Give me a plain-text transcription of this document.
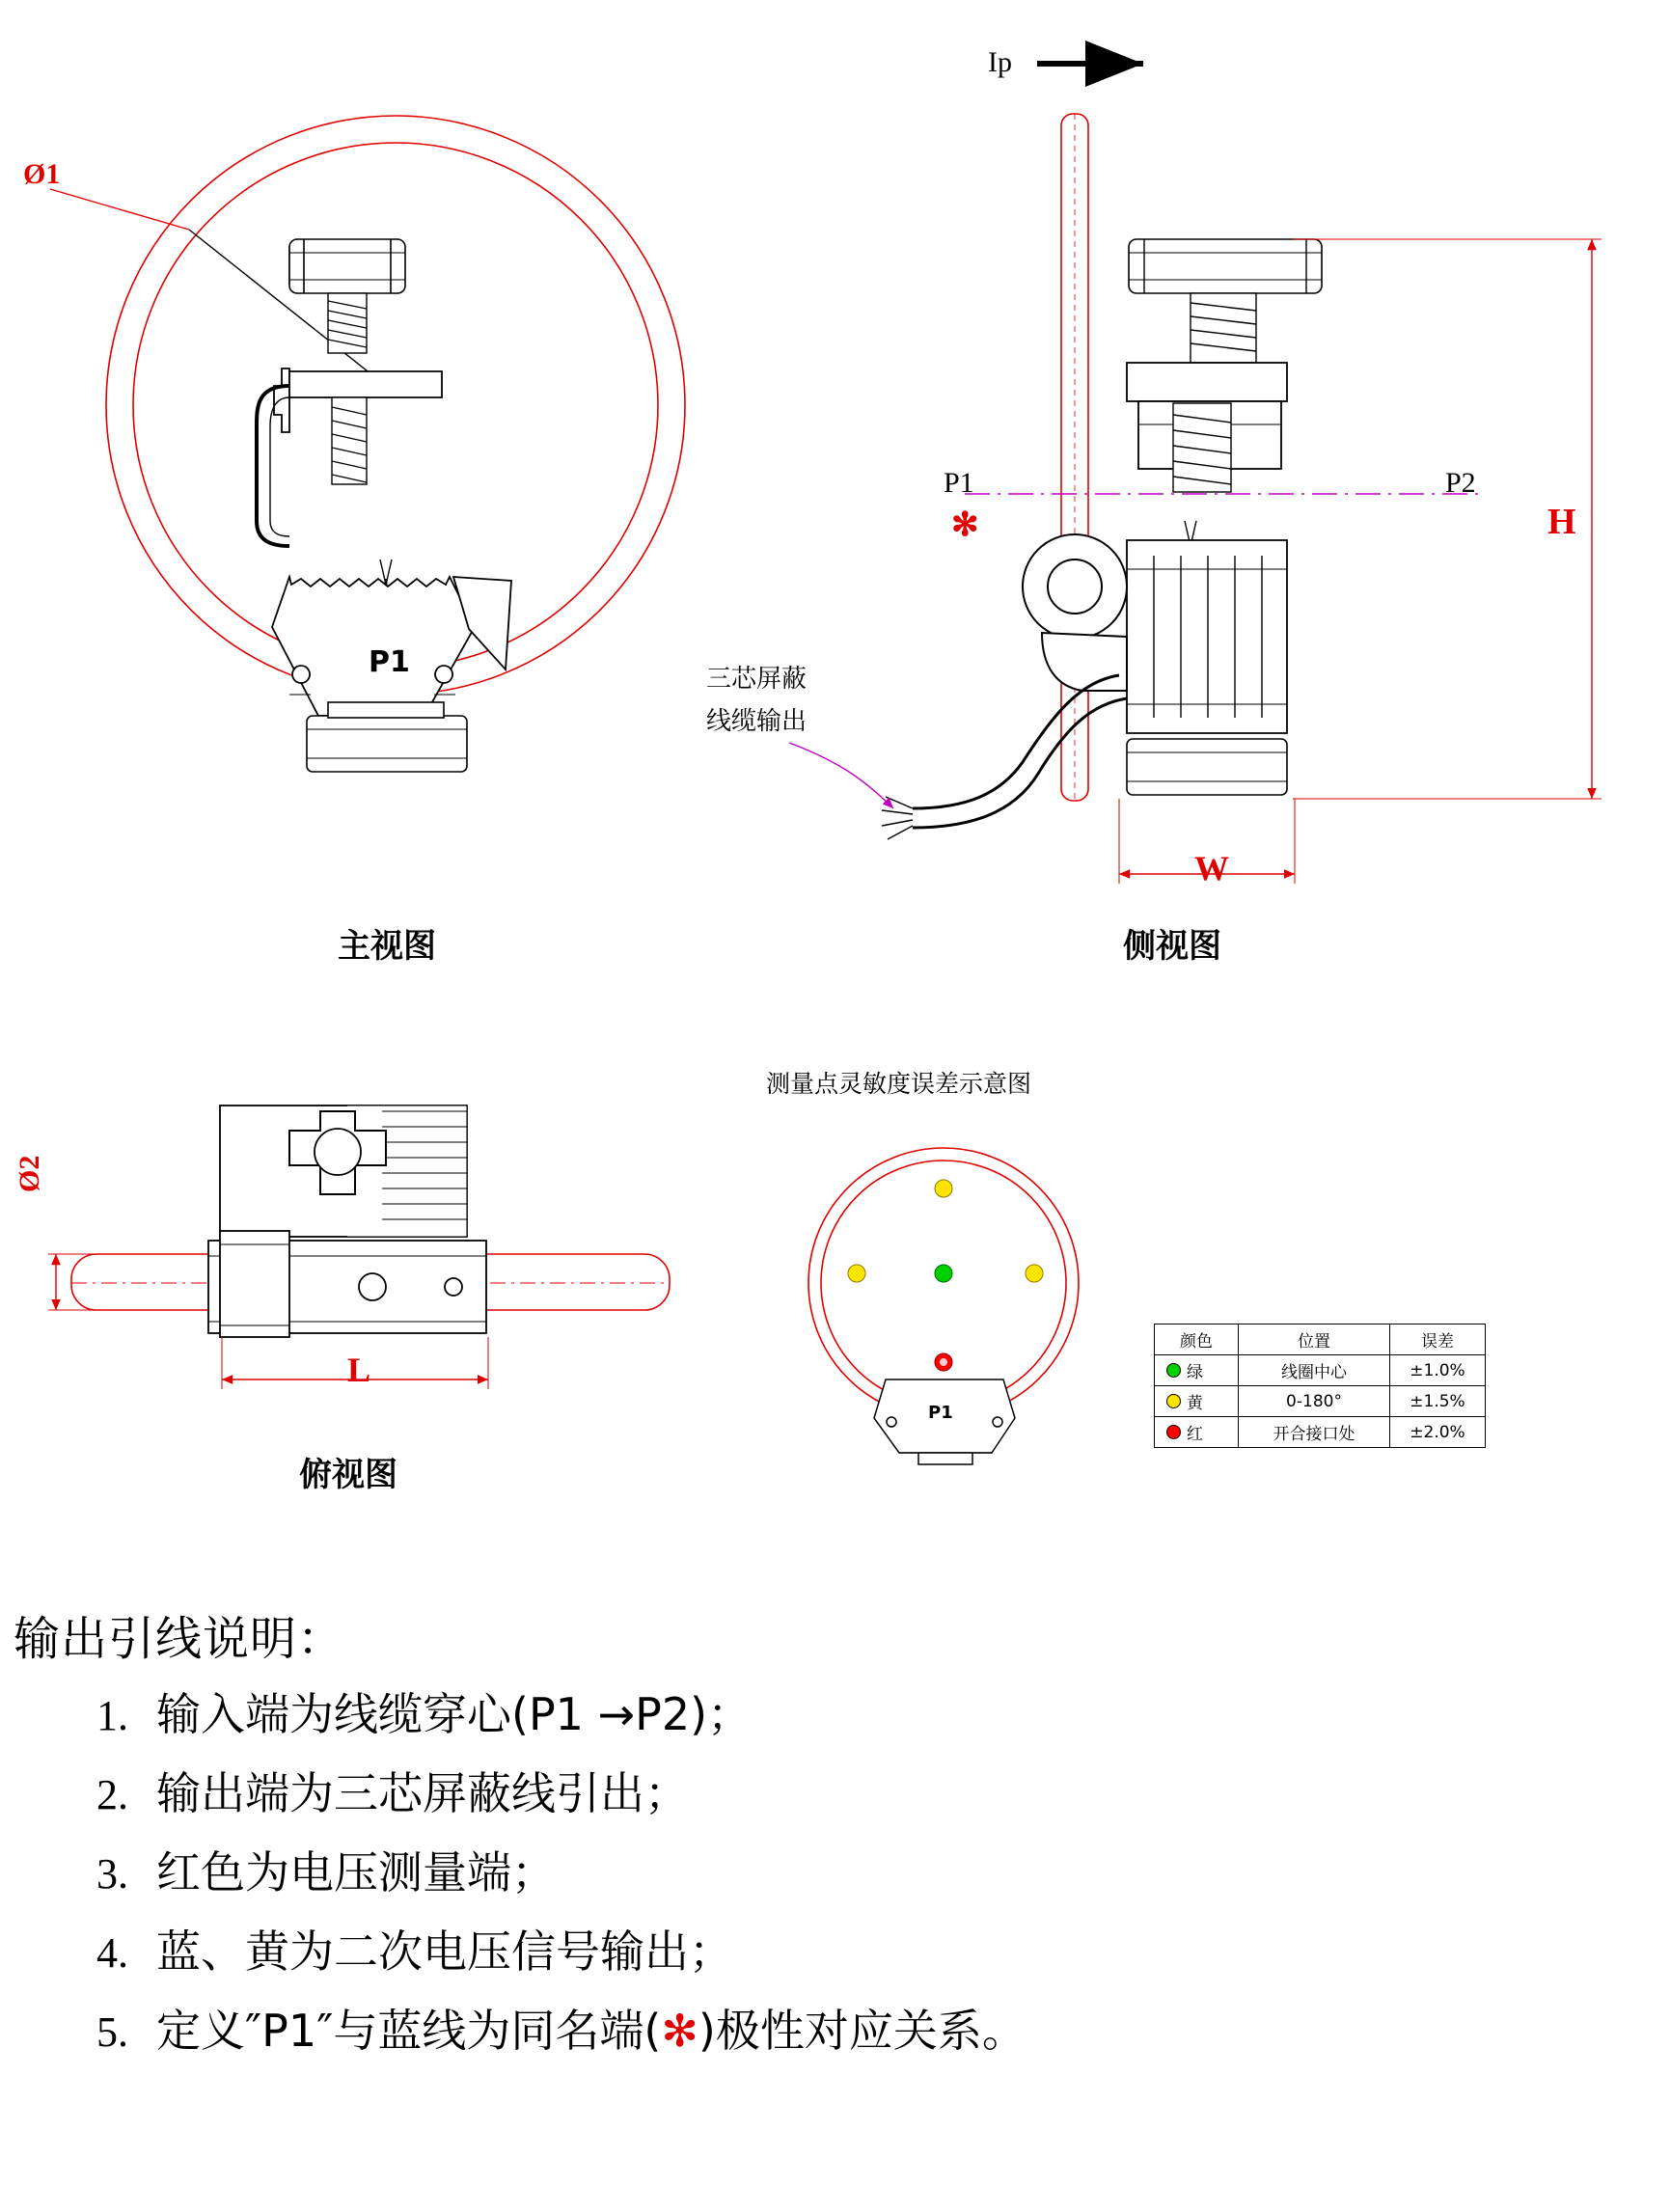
Ø1
P1
主视图
Ip
P1	P2
✻	H
W
三芯屏蔽
线缆输出
侧视图
Ø2
L
俯视图
测量点灵敏度误差示意图
P1
颜色	位置	误差

绿	线圈中心	±1.0%

黄	0-180°	±1.5%

红	开合接口处	±2.0%
输出引线说明：
1. 输入端为线缆穿心(P1 →P2)；
2. 输出端为三芯屏蔽线引出；
3. 红色为电压测量端；
4. 蓝、黄为二次电压信号输出；
5. 定义″P1″与蓝线为同名端( ✻ )极性对应关系。
